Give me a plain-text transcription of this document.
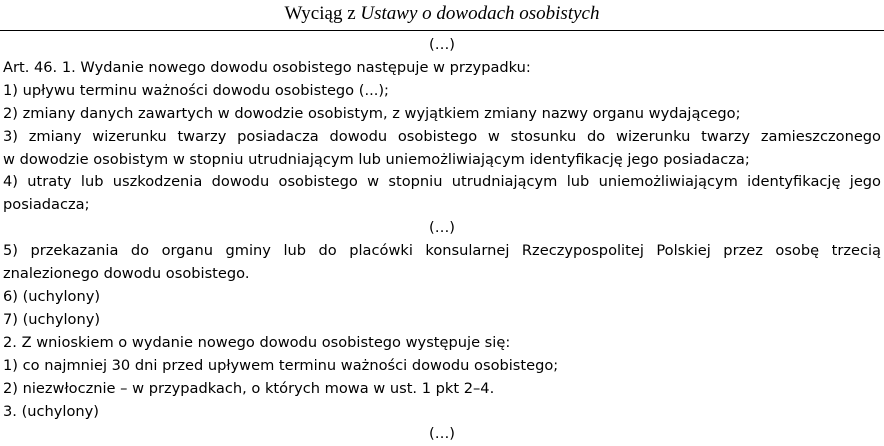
Wyciąg z Ustawy o dowodach osobistych
(…)
Art. 46. 1. Wydanie nowego dowodu osobistego następuje w przypadku:
1) upływu terminu ważności dowodu osobistego (...);
2) zmiany danych zawartych w dowodzie osobistym, z wyjątkiem zmiany nazwy organu wydającego;
3) zmiany wizerunku twarzy posiadacza dowodu osobistego w stosunku do wizerunku twarzy zamieszczonego
w dowodzie osobistym w stopniu utrudniającym lub uniemożliwiającym identyfikację jego posiadacza;
4) utraty lub uszkodzenia dowodu osobistego w stopniu utrudniającym lub uniemożliwiającym identyfikację jego
posiadacza;
(…)
5) przekazania do organu gminy lub do placówki konsularnej Rzeczypospolitej Polskiej przez osobę trzecią
znalezionego dowodu osobistego.
6) (uchylony)
7) (uchylony)
2. Z wnioskiem o wydanie nowego dowodu osobistego występuje się:
1) co najmniej 30 dni przed upływem terminu ważności dowodu osobistego;
2) niezwłocznie – w przypadkach, o których mowa w ust. 1 pkt 2–4.
3. (uchylony)
(…)
